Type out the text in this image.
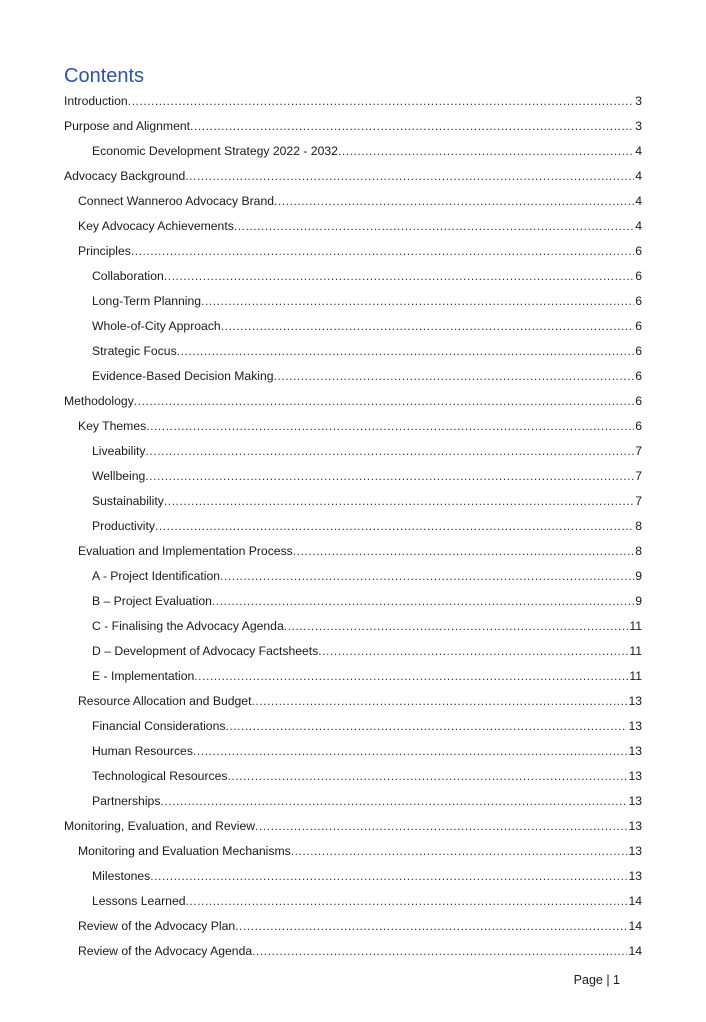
Contents
Introduction .....	3
Purpose and Alignment .....	3
Economic Development Strategy 2022 - 2032 .....	4
Advocacy Background .....	4
Connect Wanneroo Advocacy Brand .....	4
Key Advocacy Achievements .....	4
Principles .....	6
Collaboration .....	6
Long-Term Planning .....	6
Whole-of-City Approach .....	6
Strategic Focus .....	6
Evidence-Based Decision Making .....	6
Methodology .....	6
Key Themes .....	6
Liveability .....	7
Wellbeing .....	7
Sustainability .....	7
Productivity .....	8
Evaluation and Implementation Process .....	8
A - Project Identification .....	9
B – Project Evaluation .....	9
C - Finalising the Advocacy Agenda .....	11
D – Development of Advocacy Factsheets .....	11
E - Implementation .....	11
Resource Allocation and Budget .....	13
Financial Considerations .....	13
Human Resources .....	13
Technological Resources .....	13
Partnerships .....	13
Monitoring, Evaluation, and Review .....	13
Monitoring and Evaluation Mechanisms .....	13
Milestones .....	13
Lessons Learned .....	14
Review of the Advocacy Plan .....	14
Review of the Advocacy Agenda .....	14
Page | 1
